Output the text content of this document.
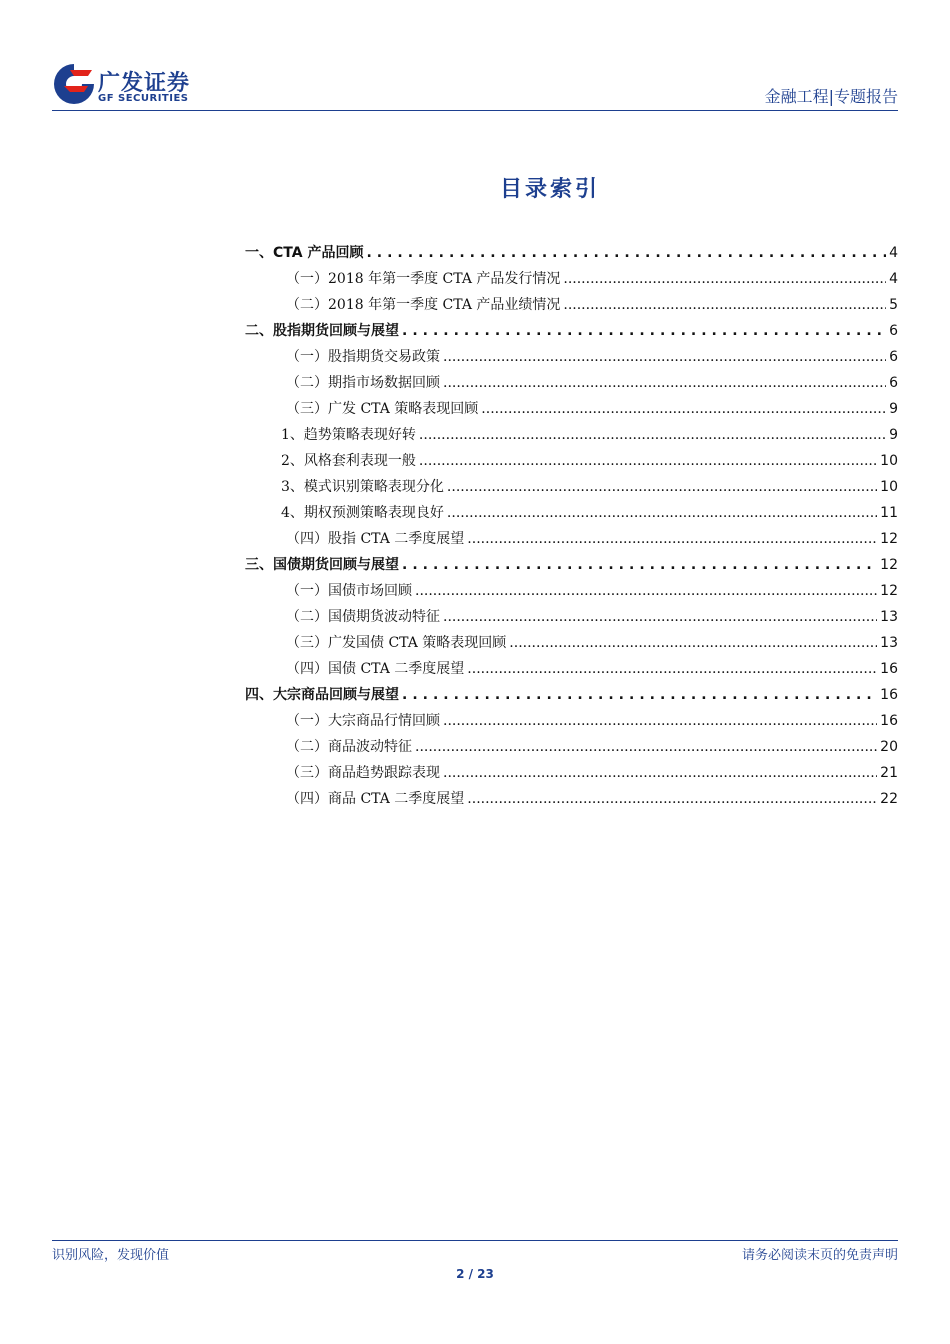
广发证券
GF SECURITIES	金融工程|专题报告
目录索引
一、CTA 产品回顾 .....	4
（一）2018 年第一季度 CTA 产品发行情况 .....	4
（二）2018 年第一季度 CTA 产品业绩情况 .....	5
二、股指期货回顾与展望 .....	6
（一）股指期货交易政策 .....	6
（二）期指市场数据回顾 .....	6
（三）广发 CTA 策略表现回顾 .....	9
1、趋势策略表现好转 .....	9
2、风格套利表现一般 .....	10
3、模式识别策略表现分化 .....	10
4、期权预测策略表现良好 .....	11
（四）股指 CTA 二季度展望 .....	12
三、国债期货回顾与展望 .....	12
（一）国债市场回顾 .....	12
（二）国债期货波动特征 .....	13
（三）广发国债 CTA 策略表现回顾 .....	13
（四）国债 CTA 二季度展望 .....	16
四、大宗商品回顾与展望 .....	16
（一）大宗商品行情回顾 .....	16
（二）商品波动特征 .....	20
（三）商品趋势跟踪表现 .....	21
（四）商品 CTA 二季度展望 .....	22
识别风险，发现价值	请务必阅读末页的免责声明
2 / 23
